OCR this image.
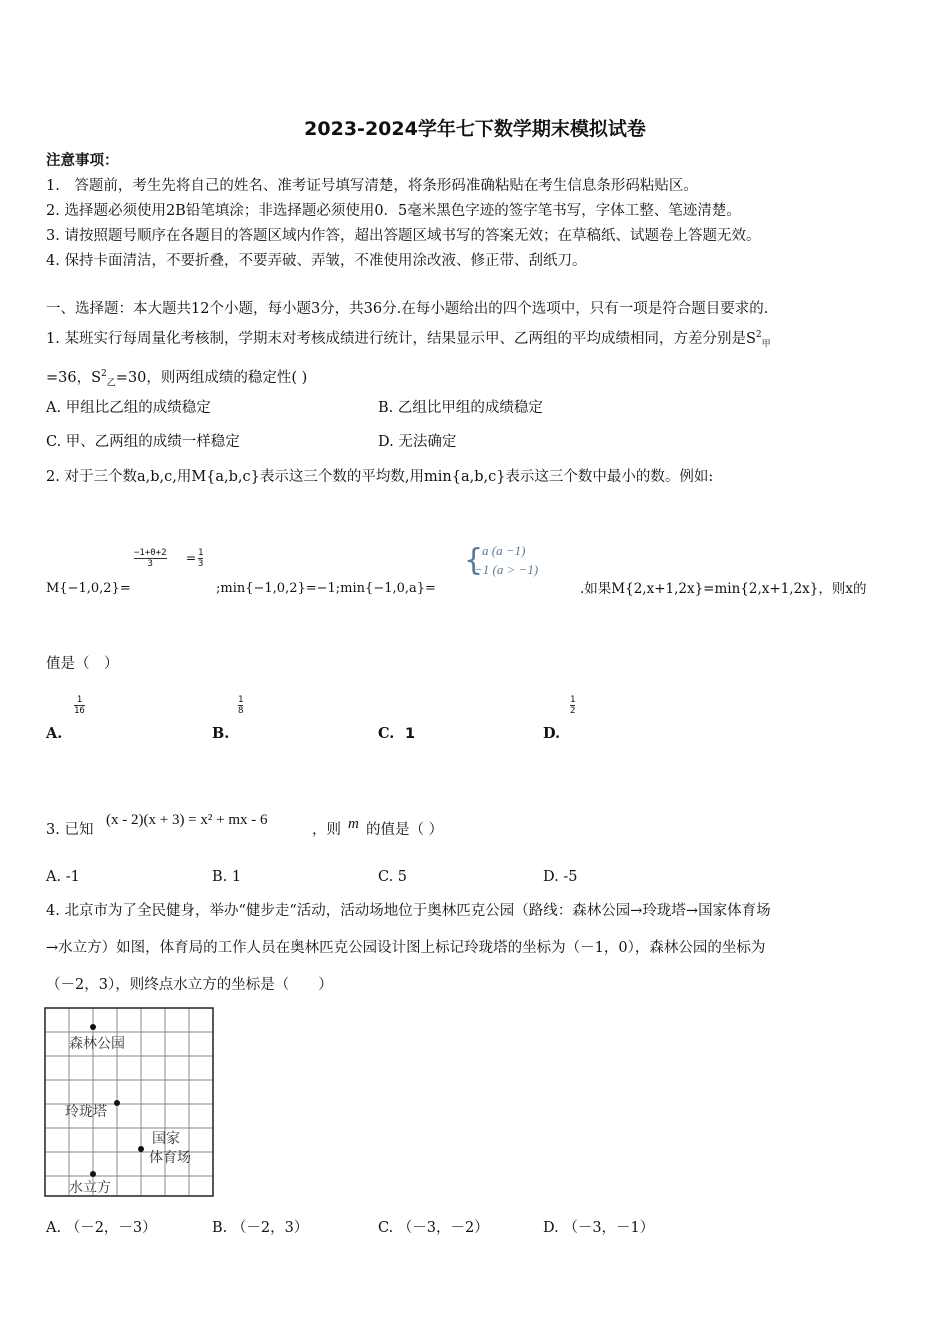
2023-2024学年七下数学期末模拟试卷
注意事项：
1.　答题前，考生先将自己的姓名、准考证号填写清楚，将条形码准确粘贴在考生信息条形码粘贴区。
2. 选择题必须使用2B铅笔填涂；非选择题必须使用0．5毫米黑色字迹的签字笔书写，字体工整、笔迹清楚。
3. 请按照题号顺序在各题目的答题区域内作答，超出答题区域书写的答案无效；在草稿纸、试题卷上答题无效。
4. 保持卡面清洁，不要折叠，不要弄破、弄皱，不准使用涂改液、修正带、刮纸刀。
一、选择题：本大题共12个小题，每小题3分，共36分.在每小题给出的四个选项中，只有一项是符合题目要求的.
1. 某班实行每周量化考核制，学期末对考核成绩进行统计，结果显示甲、乙两组的平均成绩相同，方差分别是$S^2_甲$
=36，$S^2_乙=30$，则两组成绩的稳定性( )
A. 甲组比乙组的成绩稳定	B. 乙组比甲组的成绩稳定
C. 甲、乙两组的成绩一样稳定	D. 无法确定
2. 对于三个数a,b,c,用M{a,b,c}表示这三个数的平均数,用min{a,b,c}表示这三个数中最小的数。例如:
M{−1,0,2}=
$\frac{-1+0+2}{3} = \frac{1}{3}$
;min{−1,0,2}=−1;min{−1,0,a}=
{
a (a −1)
−1 (a > −1)
.如果M{2,x+1,2x}=min{2,x+1,2x}，则x的
值是（　）
A.
$\frac{1}{16}$
B.
$\frac{1}{8}$
C. 1	D.
$\frac{1}{2}$
3. 已知
(x - 2)(x + 3) = x² + mx - 6
，则 m 的值是（ ）
A. -1	B. 1	C. 5	D. -5
4. 北京市为了全民健身，举办“健步走“活动，活动场地位于奥林匹克公园（路线：森林公园→玲珑塔→国家体育场
→水立方）如图，体育局的工作人员在奥林匹克公园设计图上标记玲珑塔的坐标为（－1，0），森林公园的坐标为
（－2，3），则终点水立方的坐标是（　　）
森林公园
玲珑塔
国家
体育场
水立方
A. （－2，－3）	B. （－2，3）	C. （－3，－2）	D. （－3，－1）
